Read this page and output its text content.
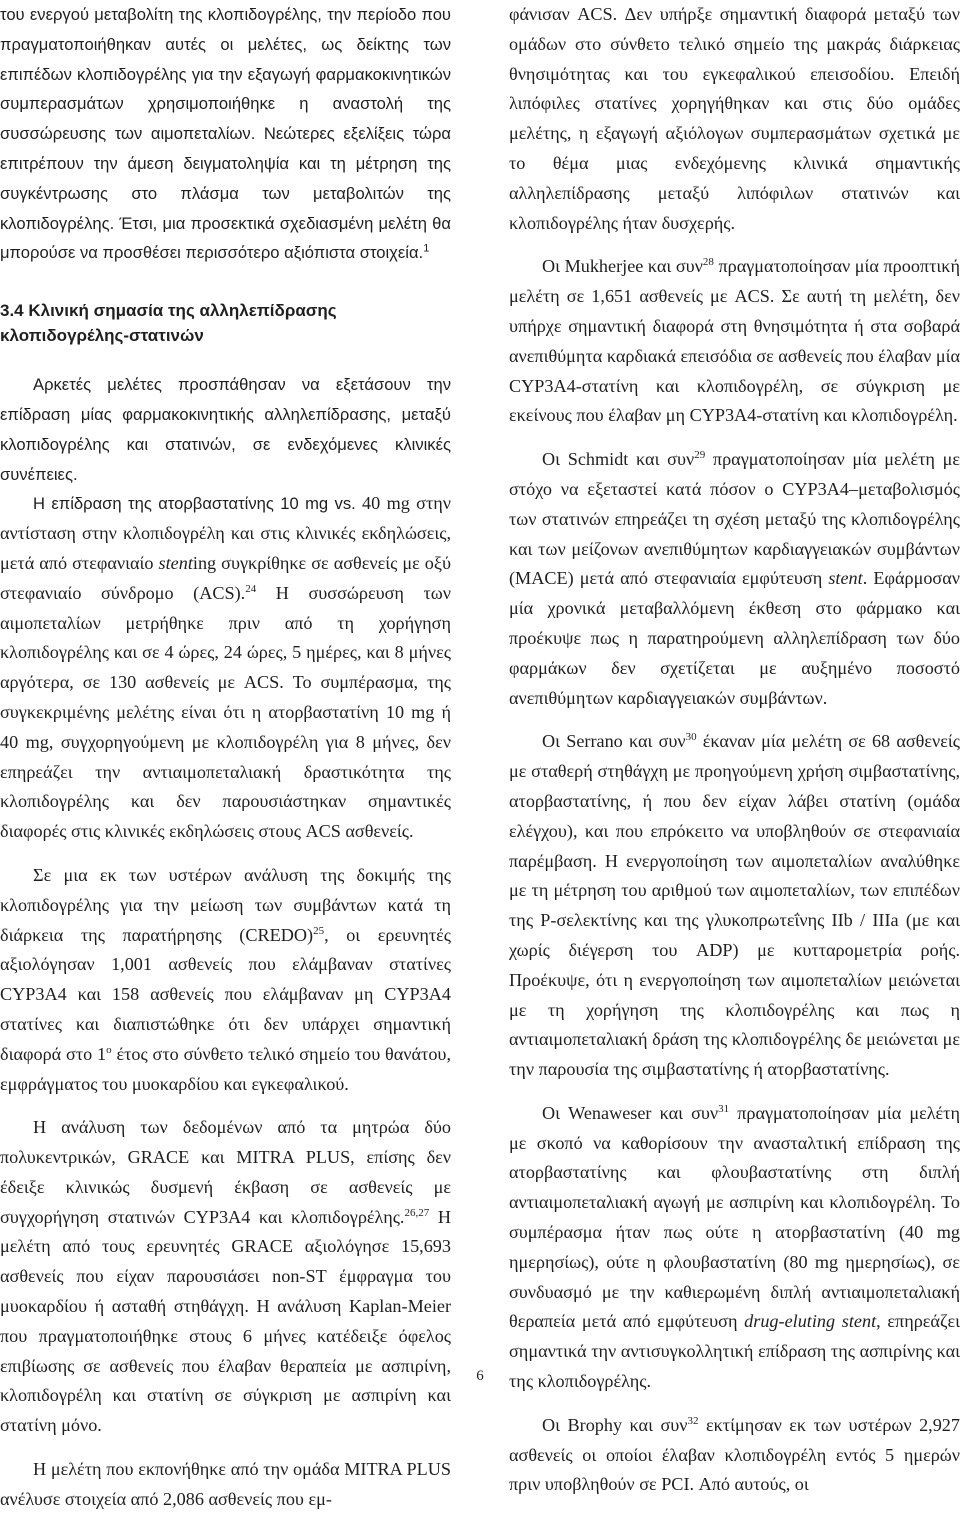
του ενεργού μεταβολίτη της κλοπιδογρέλης, την περίοδο που πραγματοποιήθηκαν αυτές οι μελέτες, ως δείκτης των επιπέδων κλοπιδογρέλης για την εξαγωγή φαρμακοκινητικών συμπερασμάτων χρησιμοποιήθηκε η αναστολή της συσσώρευσης των αιμοπεταλίων. Νεώτερες εξελίξεις τώρα επιτρέπουν την άμεση δειγματοληψία και τη μέτρηση της συγκέντρωσης στο πλάσμα των μεταβολιτών της κλοπιδογρέλης. Έτσι, μια προσεκτικά σχεδιασμένη μελέτη θα μπορούσε να προσθέσει περισσότερο αξιόπιστα στοιχεία.$^1$

3.4 Κλινική σημασία της αλληλεπίδρασης κλοπιδογρέλης-στατινών

Αρκετές μελέτες προσπάθησαν να εξετάσουν την επίδραση μίας φαρμακοκινητικής αλληλεπίδρασης, μεταξύ κλοπιδογρέλης και στατινών, σε ενδεχόμενες κλινικές συνέπειες.

Η επίδραση της ατορβαστατίνης 10 mg vs. 40 mg στην αντίσταση στην κλοπιδογρέλη και στις κλινικές εκδηλώσεις, μετά από στεφανιαίο stenting συγκρίθηκε σε ασθενείς με οξύ στεφανιαίο σύνδρομο (ACS).$^{24}$ Η συσσώρευση των αιμοπεταλίων μετρήθηκε πριν από τη χορήγηση κλοπιδογρέλης και σε 4 ώρες, 24 ώρες, 5 ημέρες, και 8 μήνες αργότερα, σε 130 ασθενείς με ACS. Το συμπέρασμα, της συγκεκριμένης μελέτης είναι ότι η ατορβαστατίνη 10 mg ή 40 mg, συγχορηγούμενη με κλοπιδογρέλη για 8 μήνες, δεν επηρεάζει την αντιαιμοπεταλιακή δραστικότητα της κλοπιδογρέλης και δεν παρουσιάστηκαν σημαντικές διαφορές στις κλινικές εκδηλώσεις στους ACS ασθενείς.

Σε μια εκ των υστέρων ανάλυση της δοκιμής της κλοπιδογρέλης για την μείωση των συμβάντων κατά τη διάρκεια της παρατήρησης (CREDO)$^{25}$, οι ερευνητές αξιολόγησαν 1,001 ασθενείς που ελάμβαναν στατίνες CYP3A4 και 158 ασθενείς που ελάμβαναν μη CYP3A4 στατίνες και διαπιστώθηκε ότι δεν υπάρχει σημαντική διαφορά στο $1^o$ έτος στο σύνθετο τελικό σημείο του θανάτου, εμφράγματος του μυοκαρδίου και εγκεφαλικού.

Η ανάλυση των δεδομένων από τα μητρώα δύο πολυκεντρικών, GRACE και MITRA PLUS, επίσης δεν έδειξε κλινικώς δυσμενή έκβαση σε ασθενείς με συγχορήγηση στατινών CYP3A4 και κλοπιδογρέλης.$^{26,27}$ Η μελέτη από τους ερευνητές GRACE αξιολόγησε 15,693 ασθενείς που είχαν παρουσιάσει non-ST έμφραγμα του μυοκαρδίου ή ασταθή στηθάγχη. Η ανάλυση Kaplan-Meier που πραγματοποιήθηκε στους 6 μήνες κατέδειξε όφελος επιβίωσης σε ασθενείς που έλαβαν θεραπεία με ασπιρίνη, κλοπιδογρέλη και στατίνη σε σύγκριση με ασπιρίνη και στατίνη μόνο.

Η μελέτη που εκπονήθηκε από την ομάδα MITRA PLUS ανέλυσε στοιχεία από 2,086 ασθενείς που εμ-

φάνισαν ACS. Δεν υπήρξε σημαντική διαφορά μεταξύ των ομάδων στο σύνθετο τελικό σημείο της μακράς διάρκειας θνησιμότητας και του εγκεφαλικού επεισοδίου. Επειδή λιπόφιλες στατίνες χορηγήθηκαν και στις δύο ομάδες μελέτης, η εξαγωγή αξιόλογων συμπερασμάτων σχετικά με το θέμα μιας ενδεχόμενης κλινικά σημαντικής αλληλεπίδρασης μεταξύ λιπόφιλων στατινών και κλοπιδογρέλης ήταν δυσχερής.

Οι Mukherjee και συν$^{28}$ πραγματοποίησαν μία προοπτική μελέτη σε 1,651 ασθενείς με ACS. Σε αυτή τη μελέτη, δεν υπήρχε σημαντική διαφορά στη θνησιμότητα ή στα σοβαρά ανεπιθύμητα καρδιακά επεισόδια σε ασθενείς που έλαβαν μία CYP3A4-στατίνη και κλοπιδογρέλη, σε σύγκριση με εκείνους που έλαβαν μη CYP3A4-στατίνη και κλοπιδογρέλη.

Οι Schmidt και συν$^{29}$ πραγματοποίησαν μία μελέτη με στόχο να εξεταστεί κατά πόσον ο CYP3A4–μεταβολισμός των στατινών επηρεάζει τη σχέση μεταξύ της κλοπιδογρέλης και των μείζονων ανεπιθύμητων καρδιαγγειακών συμβάντων (MACE) μετά από στεφανιαία εμφύτευση stent. Εφάρμοσαν μία χρονικά μεταβαλλόμενη έκθεση στο φάρμακο και προέκυψε πως η παρατηρούμενη αλληλεπίδραση των δύο φαρμάκων δεν σχετίζεται με αυξημένο ποσοστό ανεπιθύμητων καρδιαγγειακών συμβάντων.

Οι Serrano και συν$^{30}$ έκαναν μία μελέτη σε 68 ασθενείς με σταθερή στηθάγχη με προηγούμενη χρήση σιμβαστατίνης, ατορβαστατίνης, ή που δεν είχαν λάβει στατίνη (ομάδα ελέγχου), και που επρόκειτο να υποβληθούν σε στεφανιαία παρέμβαση. Η ενεργοποίηση των αιμοπεταλίων αναλύθηκε με τη μέτρηση του αριθμού των αιμοπεταλίων, των επιπέδων της P-σελεκτίνης και της γλυκοπρωτεΐνης IIb / IIIa (με και χωρίς διέγερση του ADP) με κυτταρομετρία ροής. Προέκυψε, ότι η ενεργοποίηση των αιμοπεταλίων μειώνεται με τη χορήγηση της κλοπιδογρέλης και πως η αντιαιμοπεταλιακή δράση της κλοπιδογρέλης δε μειώνεται με την παρουσία της σιμβαστατίνης ή ατορβαστατίνης.

Οι Wenaweser και συν$^{31}$ πραγματοποίησαν μία μελέτη με σκοπό να καθορίσουν την ανασταλτική επίδραση της ατορβαστατίνης και φλουβαστατίνης στη διπλή αντιαιμοπεταλιακή αγωγή με ασπιρίνη και κλοπιδογρέλη. Το συμπέρασμα ήταν πως ούτε η ατορβαστατίνη (40 mg ημερησίως), ούτε η φλουβαστατίνη (80 mg ημερησίως), σε συνδυασμό με την καθιερωμένη διπλή αντιαιμοπεταλιακή θεραπεία μετά από εμφύτευση drug-eluting stent, επηρεάζει σημαντικά την αντισυγκολλητική επίδραση της ασπιρίνης και της κλοπιδογρέλης.

Οι Brophy και συν$^{32}$ εκτίμησαν εκ των υστέρων 2,927 ασθενείς οι οποίοι έλαβαν κλοπιδογρέλη εντός 5 ημερών πριν υποβληθούν σε PCI. Από αυτούς, οι

6
